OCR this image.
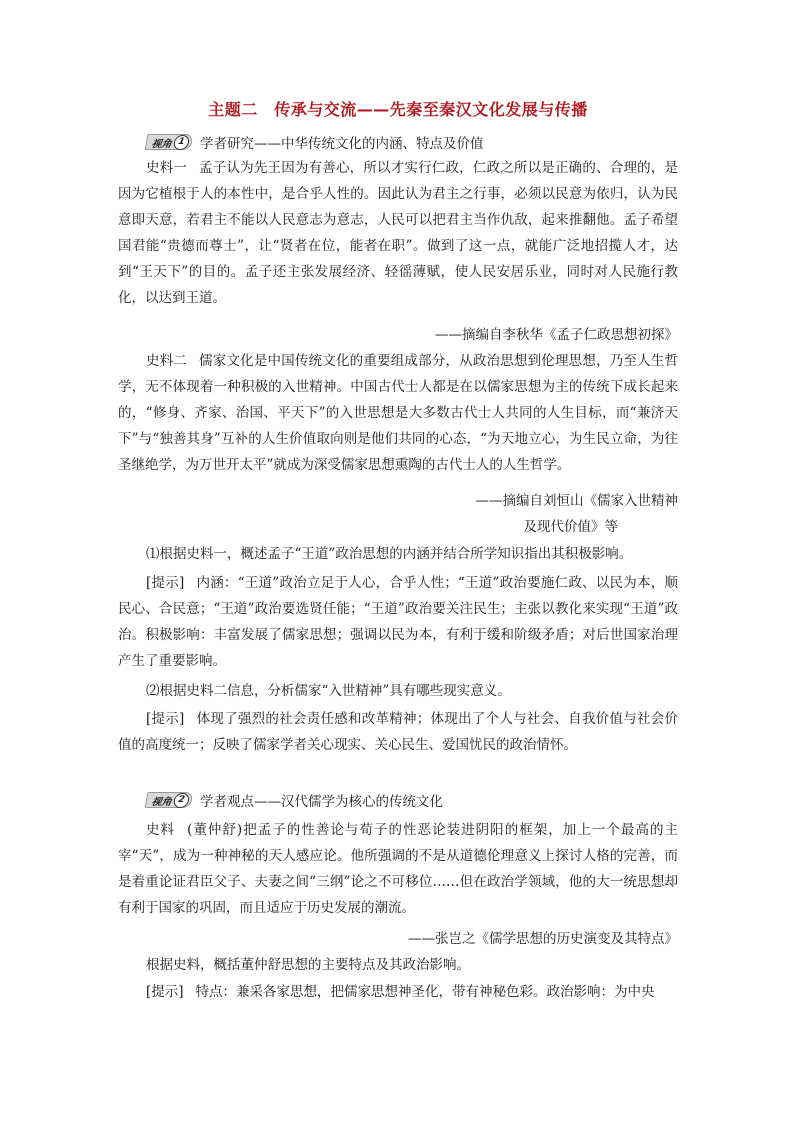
主题二　传承与交流——先秦至秦汉文化发展与传播
视角 1	学者研究——中华传统文化的内涵、特点及价值

史料一 孟子认为先王因为有善心，所以才实行仁政，仁政之所以是正确的、合理的，是因为它植根于人的本性中，是合乎人性的。因此认为君主之行事，必须以民意为依归，认为民意即天意，若君主不能以人民意志为意志，人民可以把君主当作仇敌，起来推翻他。孟子希望国君能“贵德而尊士”，让“贤者在位，能者在职”。做到了这一点，就能广泛地招揽人才，达到“王天下”的目的。孟子还主张发展经济、轻徭薄赋，使人民安居乐业，同时对人民施行教化，以达到王道。

——摘编自李秋华《孟子仁政思想初探》

史料二 儒家文化是中国传统文化的重要组成部分，从政治思想到伦理思想，乃至人生哲学，无不体现着一种积极的入世精神。中国古代士人都是在以儒家思想为主的传统下成长起来的，“修身、齐家、治国、平天下”的入世思想是大多数古代士人共同的人生目标，而“兼济天下”与“独善其身”互补的人生价值取向则是他们共同的心态，“为天地立心，为生民立命，为往圣继绝学，为万世开太平”就成为深受儒家思想熏陶的古代士人的人生哲学。

——摘编自刘恒山《儒家入世精神
及现代价值》等

⑴根据史料一，概述孟子“王道”政治思想的内涵并结合所学知识指出其积极影响。

[提示] 内涵：“王道”政治立足于人心，合乎人性；“王道”政治要施仁政、以民为本，顺民心、合民意；“王道”政治要选贤任能；“王道”政治要关注民生；主张以教化来实现“王道”政治。积极影响：丰富发展了儒家思想；强调以民为本，有利于缓和阶级矛盾；对后世国家治理产生了重要影响。

⑵根据史料二信息，分析儒家“入世精神”具有哪些现实意义。

[提示] 体现了强烈的社会责任感和改革精神；体现出了个人与社会、自我价值与社会价值的高度统一；反映了儒家学者关心现实、关心民生、爱国忧民的政治情怀。

视角 2	学者观点——汉代儒学为核心的传统文化

史料 (董仲舒)把孟子的性善论与荀子的性恶论装进阴阳的框架，加上一个最高的主宰“天”，成为一种神秘的天人感应论。他所强调的不是从道德伦理意义上探讨人格的完善，而是着重论证君臣父子、夫妻之间“三纲”论之不可移位……但在政治学领域，他的大一统思想却有利于国家的巩固，而且适应于历史发展的潮流。

——张岂之《儒学思想的历史演变及其特点》

根据史料，概括董仲舒思想的主要特点及其政治影响。

[提示] 特点：兼采各家思想，把儒家思想神圣化，带有神秘色彩。政治影响：为中央
